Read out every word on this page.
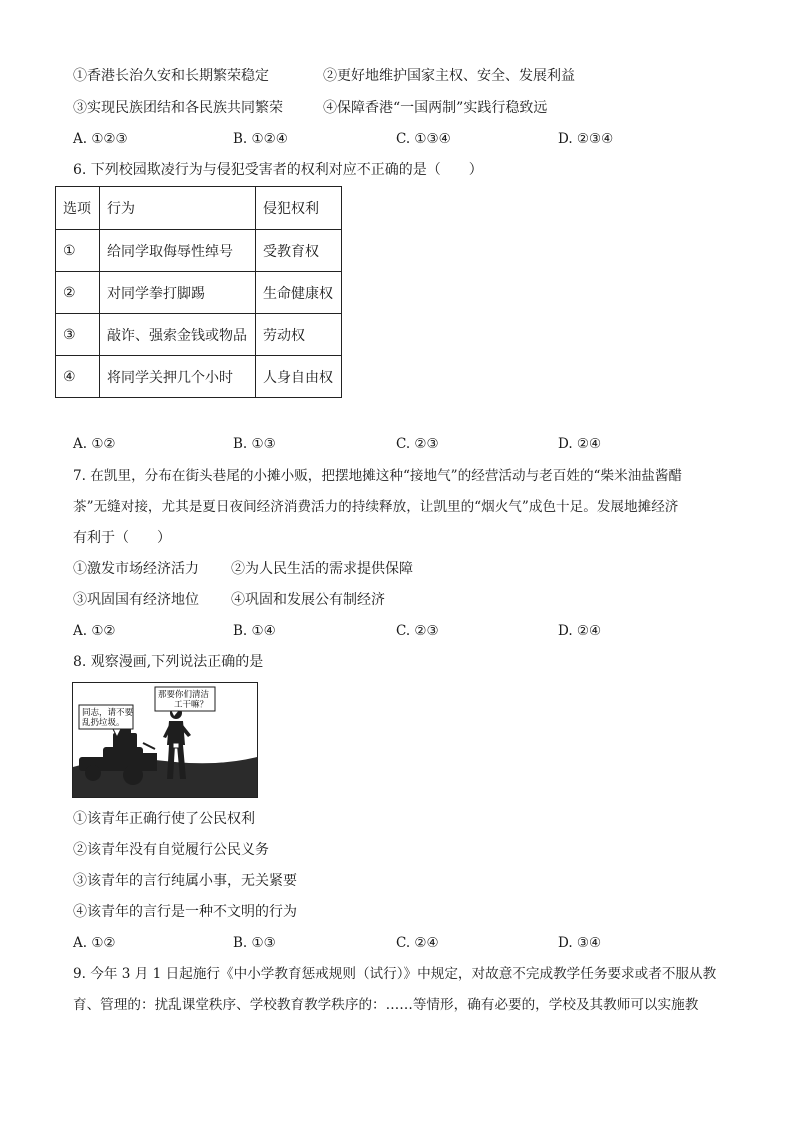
①香港长治久安和长期繁荣稳定	②更好地维护国家主权、安全、发展利益
③实现民族团结和各民族共同繁荣	④保障香港“一国两制”实践行稳致远
A. ①②③	B. ①②④	C. ①③④	D. ②③④
6. 下列校园欺凌行为与侵犯受害者的权利对应不正确的是（　　）
选项	行为	侵犯权利
①	给同学取侮辱性绰号	受教育权
②	对同学拳打脚踢	生命健康权
③	敲诈、强索金钱或物品	劳动权
④	将同学关押几个小时	人身自由权
A. ①②	B. ①③	C. ②③	D. ②④
7. 在凯里，分布在街头巷尾的小摊小贩，把摆地摊这种“接地气”的经营活动与老百姓的“柴米油盐酱醋
茶”无缝对接，尤其是夏日夜间经济消费活力的持续释放，让凯里的“烟火气”成色十足。发展地摊经济
有利于（　　）
①激发市场经济活力 ②为人民生活的需求提供保障
③巩固国有经济地位 ④巩固和发展公有制经济
A. ①②	B. ①④	C. ②③	D. ②④
8. 观察漫画,下列说法正确的是
同志，请不要
乱扔垃圾。
那要你们清洁
工干嘛？
①该青年正确行使了公民权利
②该青年没有自觉履行公民义务
③该青年的言行纯属小事，无关紧要
④该青年的言行是一种不文明的行为
A. ①②	B. ①③	C. ②④	D. ③④
9. 今年 3 月 1 日起施行《中小学教育惩戒规则（试行）》中规定，对故意不完成教学任务要求或者不服从教
育、管理的：扰乱课堂秩序、学校教育教学秩序的：……等情形，确有必要的，学校及其教师可以实施教
